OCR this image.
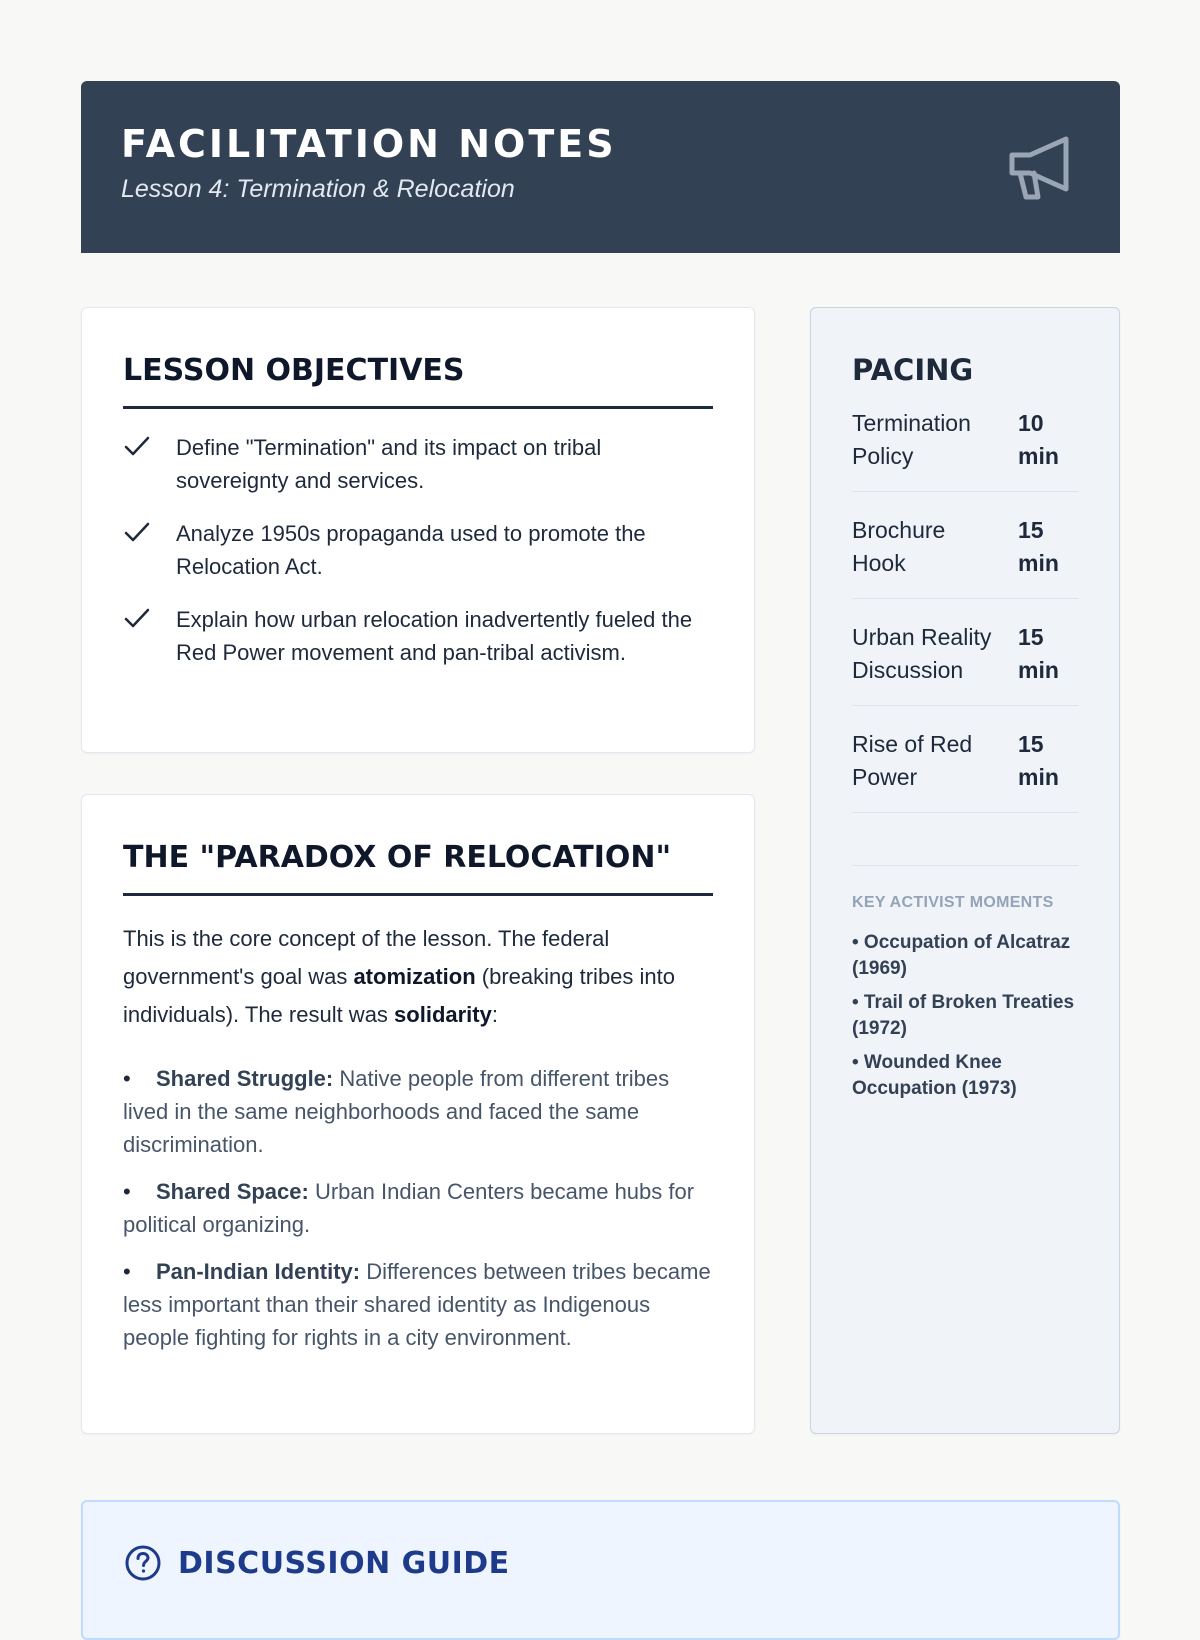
FACILITATION NOTES
Lesson 4: Termination & Relocation
LESSON OBJECTIVES
Define "Termination" and its impact on tribal sovereignty and services.
Analyze 1950s propaganda used to promote the Relocation Act.
Explain how urban relocation inadvertently fueled the Red Power movement and pan-tribal activism.
THE "PARADOX OF RELOCATION"

This is the core concept of the lesson. The federal government's goal was atomization (breaking tribes into individuals). The result was solidarity:

• Shared Struggle: Native people from different tribes lived in the same neighborhoods and faced the same discrimination.
• Shared Space: Urban Indian Centers became hubs for political organizing.
• Pan-Indian Identity: Differences between tribes became less important than their shared identity as Indigenous people fighting for rights in a city environment.
PACING
Termination Policy
10 min
Brochure Hook
15 min
Urban Reality Discussion
15 min
Rise of Red Power
15 min
KEY ACTIVIST MOMENTS
• Occupation of Alcatraz (1969)
• Trail of Broken Treaties (1972)
• Wounded Knee Occupation (1973)
DISCUSSION GUIDE
